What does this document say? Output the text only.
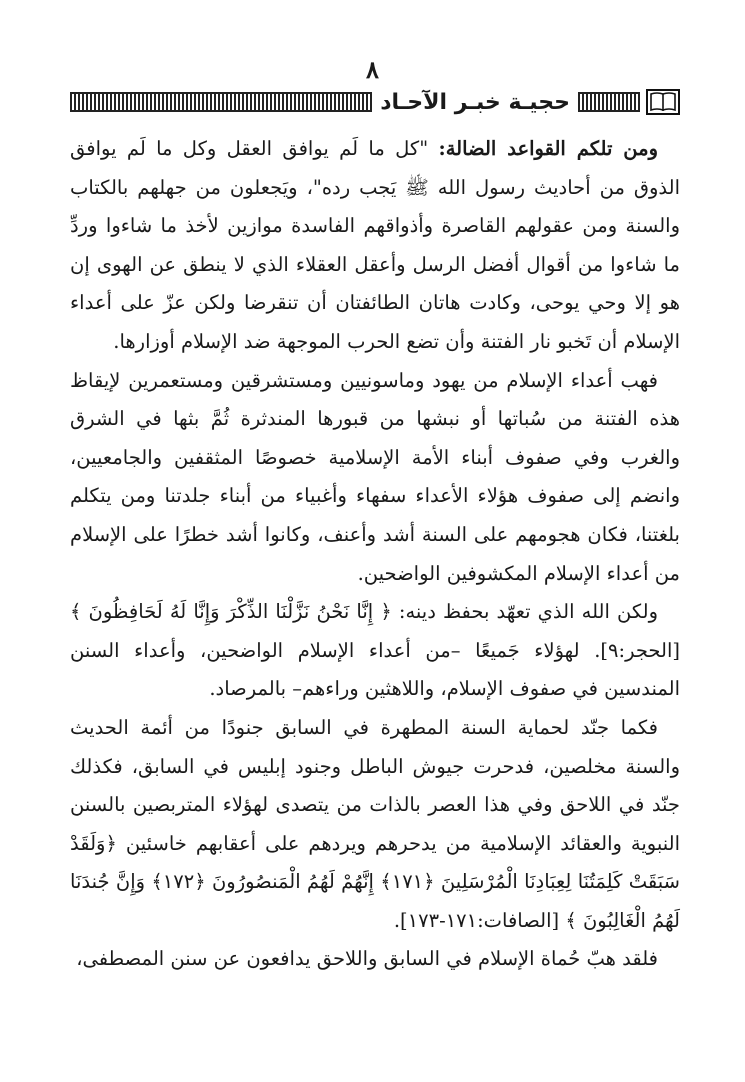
٨
حجيـة خبـر الآحـاد

ومن تلكم القواعد الضالة: "كل ما لَم يوافق العقل وكل ما لَم يوافق الذوق من أحاديث رسول الله ﷺ يَجب رده"، ويَجعلون من جهلهم بالكتاب والسنة ومن عقولهم القاصرة وأذواقهم الفاسدة موازين لأخذ ما شاءوا وردِّ ما شاءوا من أقوال أفضل الرسل وأعقل العقلاء الذي لا ينطق عن الهوى إن هو إلا وحي يوحى، وكادت هاتان الطائفتان أن تنقرضا ولكن عزّ على أعداء الإسلام أن تَخبو نار الفتنة وأن تضع الحرب الموجهة ضد الإسلام أوزارها.

فهب أعداء الإسلام من يهود وماسونيين ومستشرقين ومستعمرين لإيقاظ هذه الفتنة من سُباتها أو نبشها من قبورها المندثرة ثُمَّ بثها في الشرق والغرب وفي صفوف أبناء الأمة الإسلامية خصوصًا المثقفين والجامعيين، وانضم إلى صفوف هؤلاء الأعداء سفهاء وأغبياء من أبناء جلدتنا ومن يتكلم بلغتنا، فكان هجومهم على السنة أشد وأعنف، وكانوا أشد خطرًا على الإسلام من أعداء الإسلام المكشوفين الواضحين.

ولكن الله الذي تعهّد بحفظ دينه: ﴿ إِنَّا نَحْنُ نَزَّلْنَا الذِّكْرَ وَإِنَّا لَهُ لَحَافِظُونَ ﴾ [الحجر:٩]. لهؤلاء جَميعًا –من أعداء الإسلام الواضحين، وأعداء السنن المندسين في صفوف الإسلام، واللاهثين وراءهم– بالمرصاد.

فكما جنّد لحماية السنة المطهرة في السابق جنودًا من أئمة الحديث والسنة مخلصين، فدحرت جيوش الباطل وجنود إبليس في السابق، فكذلك جنّد في اللاحق وفي هذا العصر بالذات من يتصدى لهؤلاء المتربصين بالسنن النبوية والعقائد الإسلامية من يدحرهم ويردهم على أعقابهم خاسئين ﴿وَلَقَدْ سَبَقَتْ كَلِمَتُنَا لِعِبَادِنَا الْمُرْسَلِينَ ﴿١٧١﴾ إِنَّهُمْ لَهُمُ الْمَنصُورُونَ ﴿١٧٢﴾ وَإِنَّ جُندَنَا لَهُمُ الْغَالِبُونَ ﴾ [الصافات:١٧١-١٧٣].

فلقد هبّ حُماة الإسلام في السابق واللاحق يدافعون عن سنن المصطفى،
